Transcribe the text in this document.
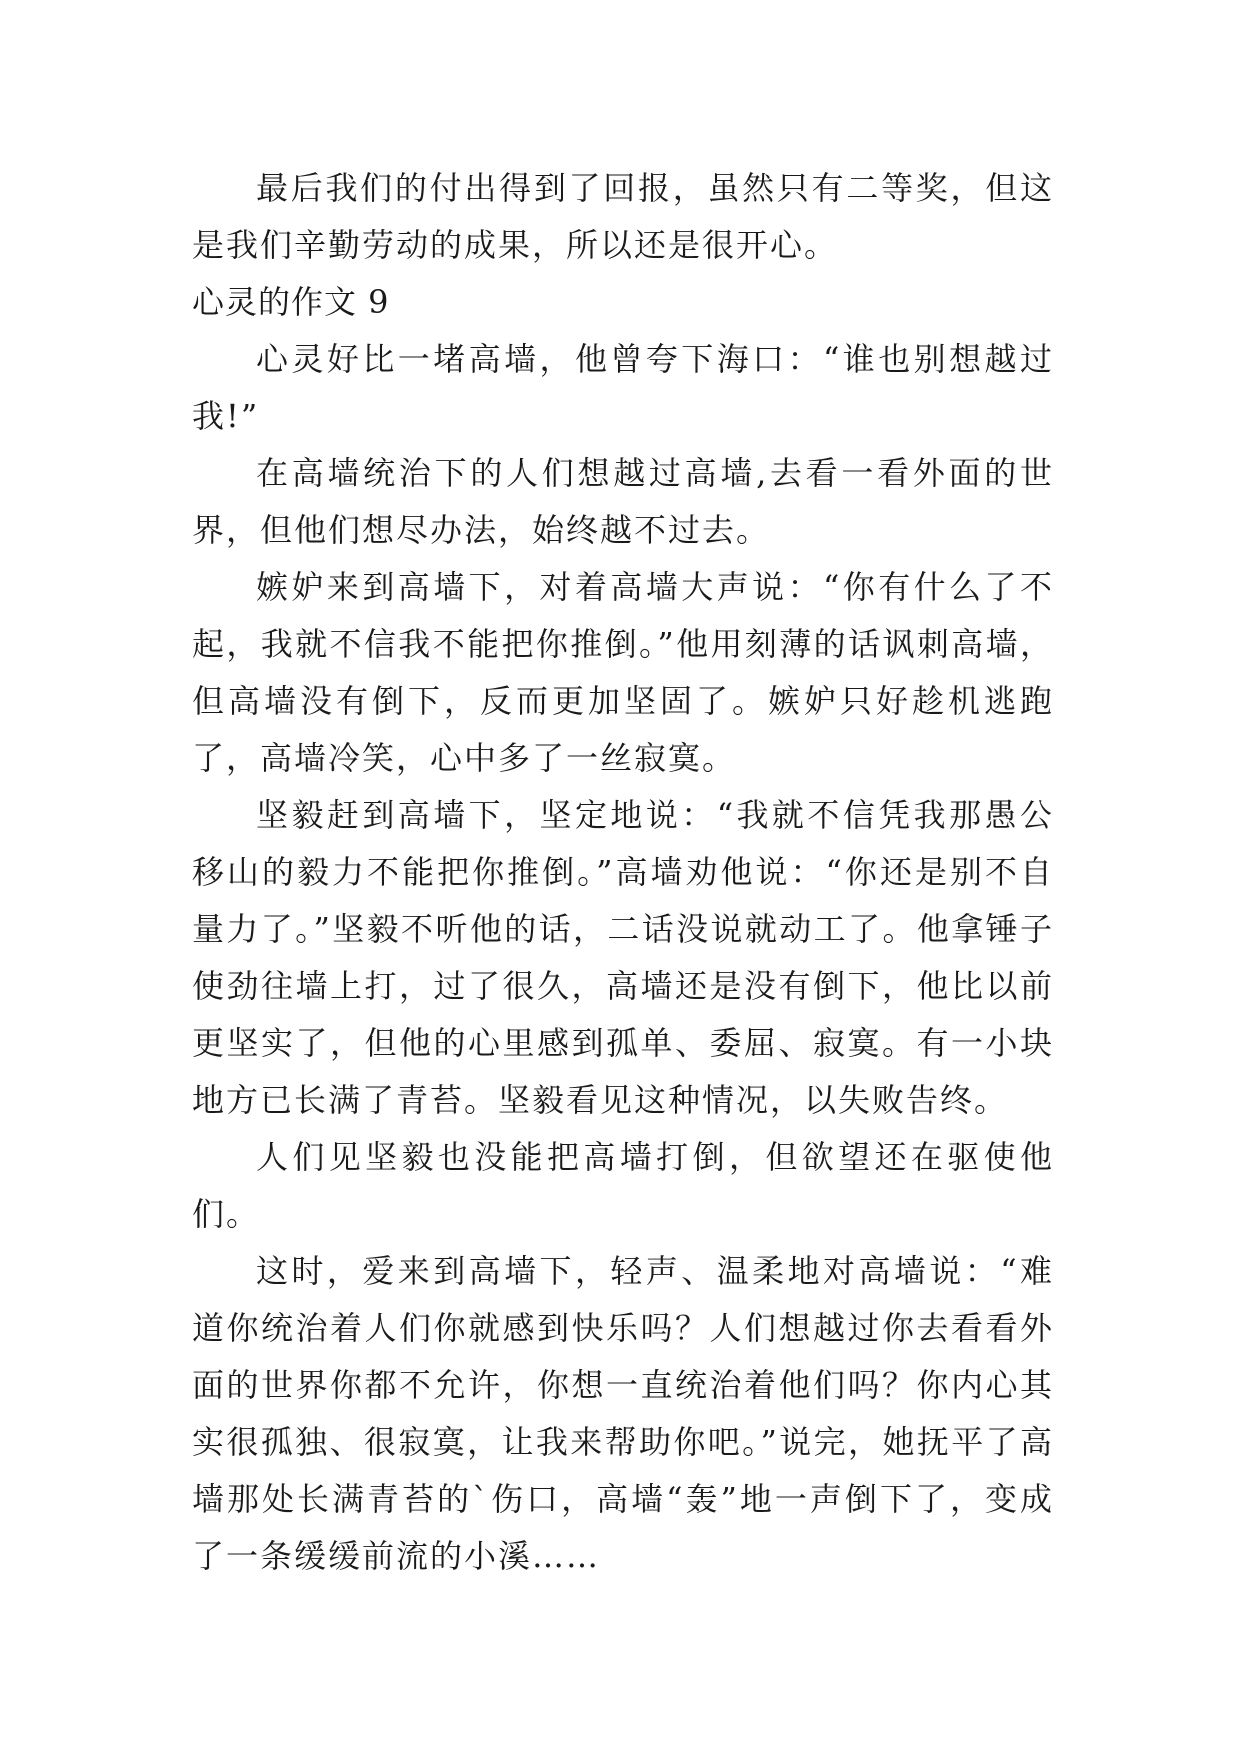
最后我们的付出得到了回报，虽然只有二等奖，但这是我们辛勤劳动的成果，所以还是很开心。

心灵的作文 9

心灵好比一堵高墙，他曾夸下海口：“谁也别想越过我!”

在高墙统治下的人们想越过高墙,去看一看外面的世界，但他们想尽办法，始终越不过去。

嫉妒来到高墙下，对着高墙大声说：“你有什么了不起，我就不信我不能把你推倒。”他用刻薄的话讽刺高墙，但高墙没有倒下，反而更加坚固了。嫉妒只好趁机逃跑了，高墙冷笑，心中多了一丝寂寞。

坚毅赶到高墙下，坚定地说：“我就不信凭我那愚公移山的毅力不能把你推倒。”高墙劝他说：“你还是别不自量力了。”坚毅不听他的话，二话没说就动工了。他拿锤子使劲往墙上打，过了很久，高墙还是没有倒下，他比以前更坚实了，但他的心里感到孤单、委屈、寂寞。有一小块地方已长满了青苔。坚毅看见这种情况，以失败告终。

人们见坚毅也没能把高墙打倒，但欲望还在驱使他们。

这时，爱来到高墙下，轻声、温柔地对高墙说：“难道你统治着人们你就感到快乐吗？人们想越过你去看看外面的世界你都不允许，你想一直统治着他们吗？你内心其实很孤独、很寂寞，让我来帮助你吧。”说完，她抚平了高墙那处长满青苔的`伤口，高墙“轰”地一声倒下了，变成了一条缓缓前流的小溪……
